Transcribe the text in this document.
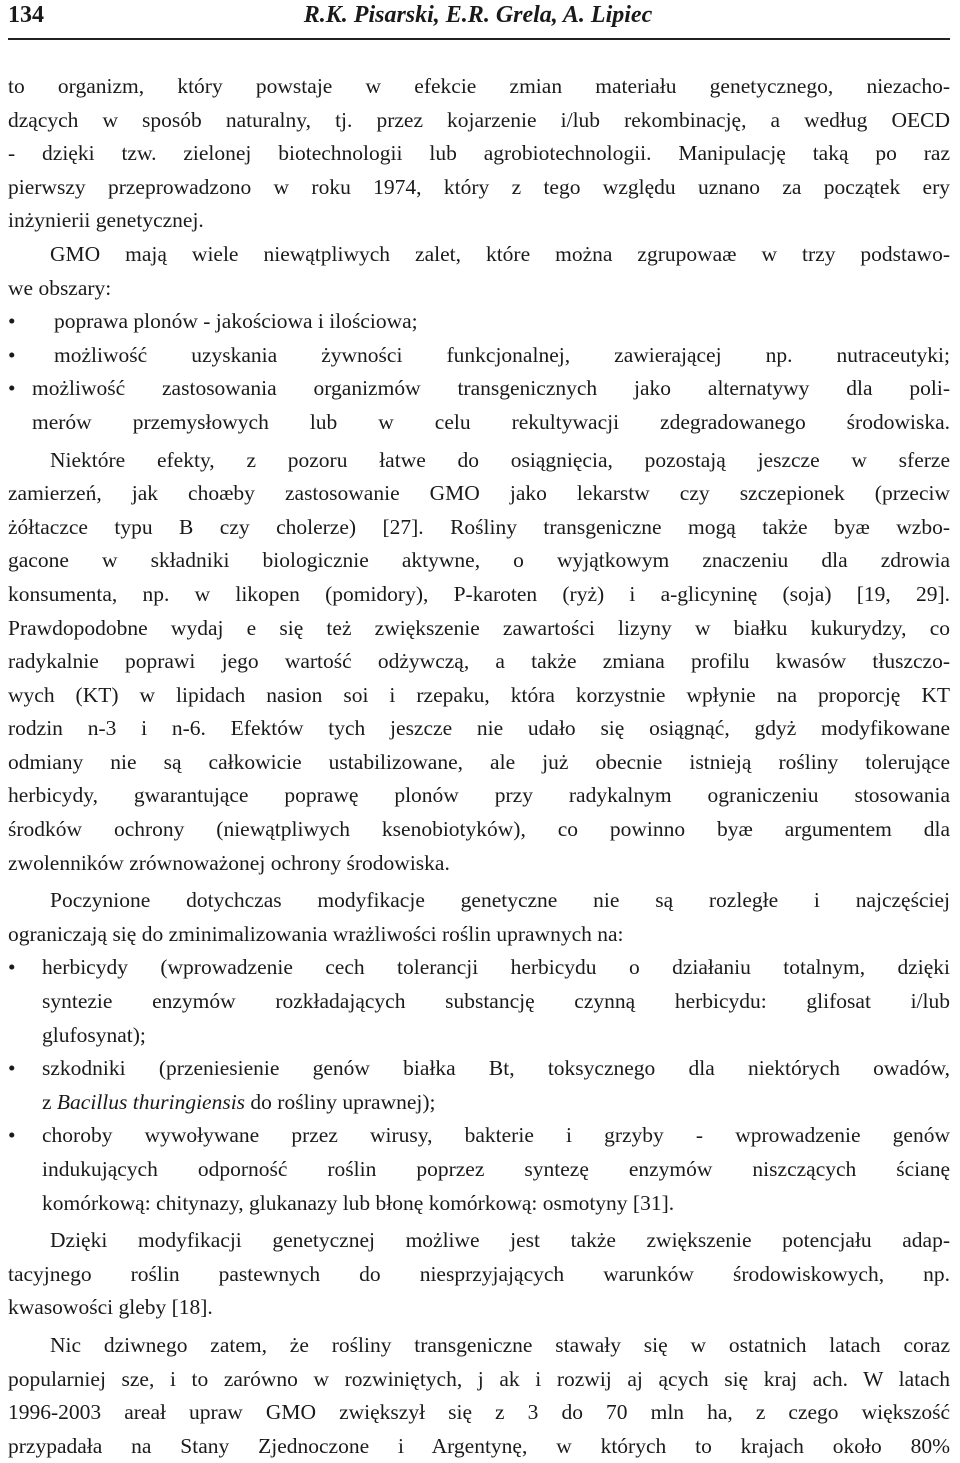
134	R.K. Pisarski, E.R. Grela, A. Lipiec
to organizm, który powstaje w efekcie zmian materiału genetycznego, niezacho-
dzących w sposób naturalny, tj. przez kojarzenie i/lub rekombinację, a według OECD
- dzięki tzw. zielonej biotechnologii lub agrobiotechnologii. Manipulację taką po raz
pierwszy przeprowadzono w roku 1974, który z tego względu uznano za początek ery
inżynierii genetycznej.
GMO mają wiele niewątpliwych zalet, które można zgrupowaæ w trzy podstawo-
we obszary:
•	poprawa plonów - jakościowa i ilościowa;
•	możliwość uzyskania żywności funkcjonalnej, zawierającej np. nutraceutyki;
• możliwość zastosowania organizmów transgenicznych jako alternatywy dla poli-
merów przemysłowych lub w celu rekultywacji zdegradowanego środowiska.
Niektóre efekty, z pozoru łatwe do osiągnięcia, pozostają jeszcze w sferze
zamierzeń, jak choæby zastosowanie GMO jako lekarstw czy szczepionek (przeciw
żółtaczce typu B czy cholerze) [27]. Rośliny transgeniczne mogą także byæ wzbo-
gacone w składniki biologicznie aktywne, o wyjątkowym znaczeniu dla zdrowia
konsumenta, np. w likopen (pomidory), P-karoten (ryż) i a-glicyninę (soja) [19, 29].
Prawdopodobne wydaj e się też zwiększenie zawartości lizyny w białku kukurydzy, co
radykalnie poprawi jego wartość odżywczą, a także zmiana profilu kwasów tłuszczo-
wych (KT) w lipidach nasion soi i rzepaku, która korzystnie wpłynie na proporcję KT
rodzin n-3 i n-6. Efektów tych jeszcze nie udało się osiągnąć, gdyż modyfikowane
odmiany nie są całkowicie ustabilizowane, ale już obecnie istnieją rośliny tolerujące
herbicydy, gwarantujące poprawę plonów przy radykalnym ograniczeniu stosowania
środków ochrony (niewątpliwych ksenobiotyków), co powinno byæ argumentem dla
zwolenników zrównoważonej ochrony środowiska.
Poczynione dotychczas modyfikacje genetyczne nie są rozległe i najczęściej
ograniczają się do zminimalizowania wrażliwości roślin uprawnych na:
•	herbicydy (wprowadzenie cech tolerancji herbicydu o działaniu totalnym, dzięki
syntezie enzymów rozkładających substancję czynną herbicydu: glifosat i/lub
glufosynat);
•	szkodniki (przeniesienie genów białka Bt, toksycznego dla niektórych owadów,
z Bacillus thuringiensis do rośliny uprawnej);
•	choroby wywoływane przez wirusy, bakterie i grzyby - wprowadzenie genów
indukujących odporność roślin poprzez syntezę enzymów niszczących ścianę
komórkową: chitynazy, glukanazy lub błonę komórkową: osmotyny [31].
Dzięki modyfikacji genetycznej możliwe jest także zwiększenie potencjału adap-
tacyjnego roślin pastewnych do niesprzyjających warunków środowiskowych, np.
kwasowości gleby [18].
Nic dziwnego zatem, że rośliny transgeniczne stawały się w ostatnich latach coraz
popularniej sze, i to zarówno w rozwiniętych, j ak i rozwij aj ących się kraj ach. W latach
1996-2003 areał upraw GMO zwiększył się z 3 do 70 mln ha, z czego większość
przypadała na Stany Zjednoczone i Argentynę, w których to krajach około 80%
